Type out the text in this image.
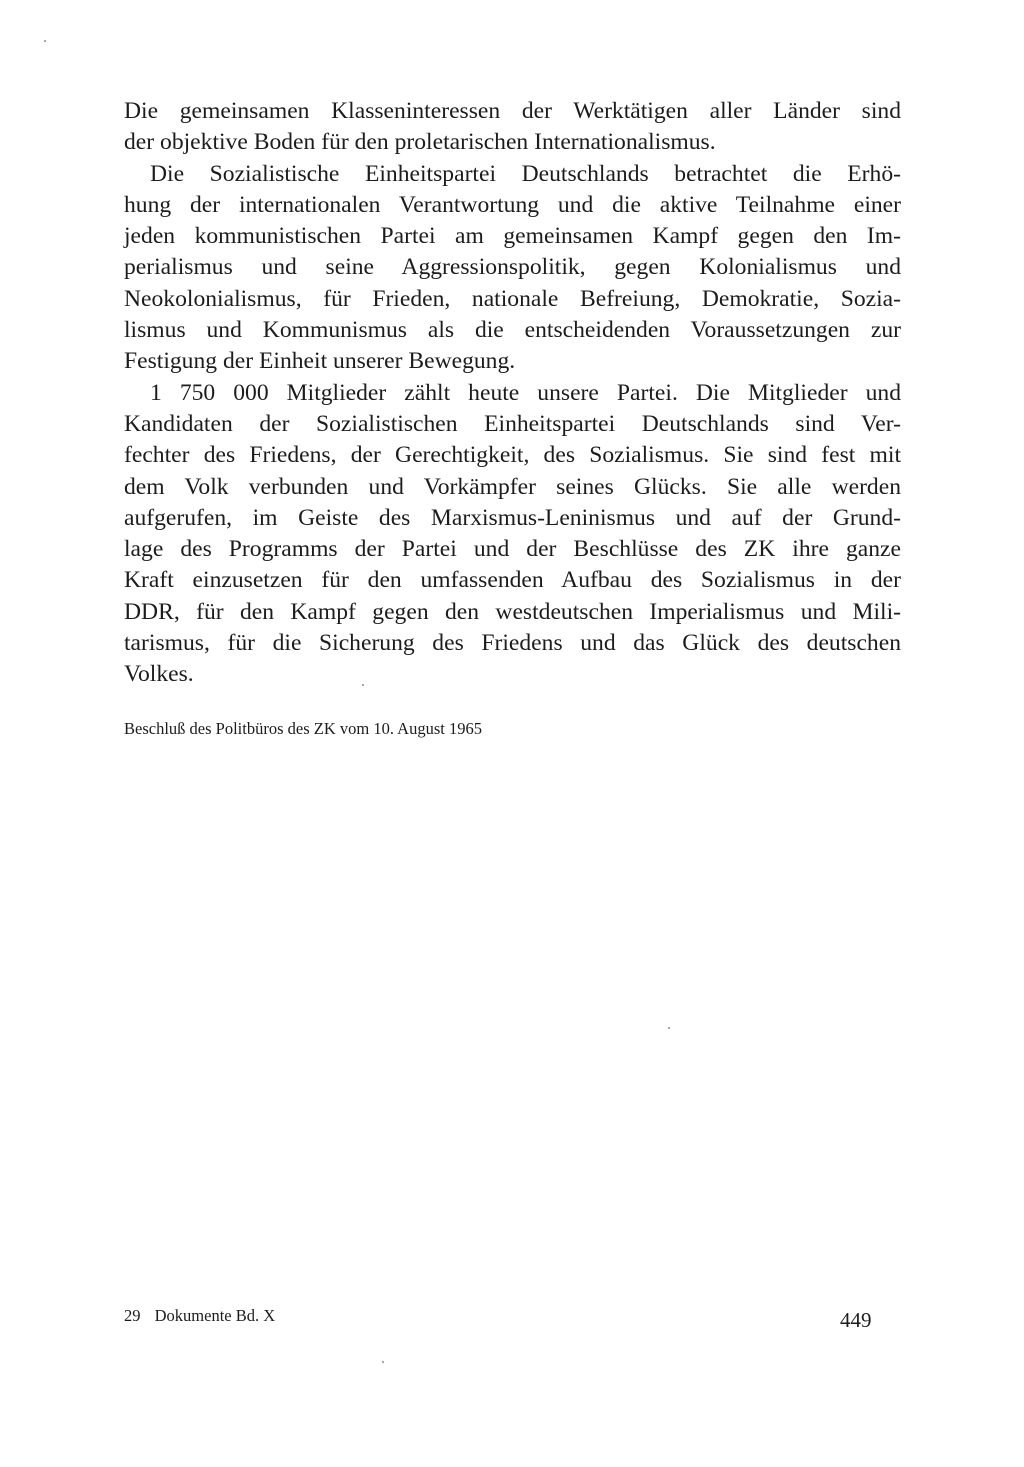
Die gemeinsamen Klasseninteressen der Werktätigen aller Länder sind
der objektive Boden für den proletarischen Internationalismus.
Die Sozialistische Einheitspartei Deutschlands betrachtet die Erhö-
hung der internationalen Verantwortung und die aktive Teilnahme einer
jeden kommunistischen Partei am gemeinsamen Kampf gegen den Im-
perialismus und seine Aggressionspolitik, gegen Kolonialismus und
Neokolonialismus, für Frieden, nationale Befreiung, Demokratie, Sozia-
lismus und Kommunismus als die entscheidenden Voraussetzungen zur
Festigung der Einheit unserer Bewegung.
1 750 000 Mitglieder zählt heute unsere Partei. Die Mitglieder und
Kandidaten der Sozialistischen Einheitspartei Deutschlands sind Ver-
fechter des Friedens, der Gerechtigkeit, des Sozialismus. Sie sind fest mit
dem Volk verbunden und Vorkämpfer seines Glücks. Sie alle werden
aufgerufen, im Geiste des Marxismus-Leninismus und auf der Grund-
lage des Programms der Partei und der Beschlüsse des ZK ihre ganze
Kraft einzusetzen für den umfassenden Aufbau des Sozialismus in der
DDR, für den Kampf gegen den westdeutschen Imperialismus und Mili-
tarismus, für die Sicherung des Friedens und das Glück des deutschen
Volkes.
Beschluß des Politbüros des ZK vom 10. August 1965
29 Dokumente Bd. X	449
